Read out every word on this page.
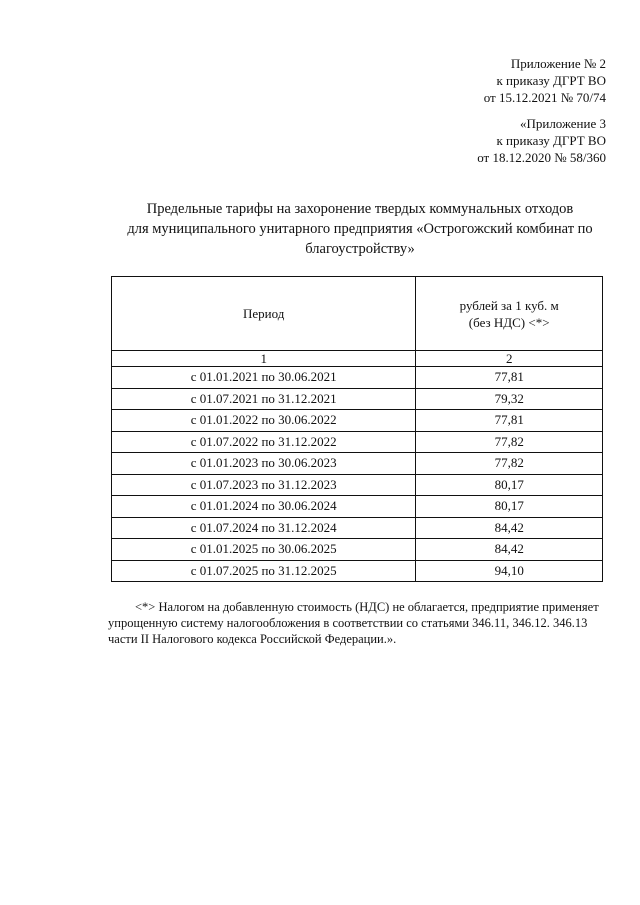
Приложение № 2
к приказу ДГРТ ВО
от 15.12.2021 № 70/74
«Приложение 3
к приказу ДГРТ ВО
от 18.12.2020 № 58/360
Предельные тарифы на захоронение твердых коммунальных отходов
для муниципального унитарного предприятия «Острогожский комбинат по
благоустройству»
Период	рублей за 1 куб. м
(без НДС) <*>

1	2
с 01.01.2021 по 30.06.2021	77,81
с 01.07.2021 по 31.12.2021	79,32
с 01.01.2022 по 30.06.2022	77,81
с 01.07.2022 по 31.12.2022	77,82
с 01.01.2023 по 30.06.2023	77,82
с 01.07.2023 по 31.12.2023	80,17
с 01.01.2024 по 30.06.2024	80,17
с 01.07.2024 по 31.12.2024	84,42
с 01.01.2025 по 30.06.2025	84,42
с 01.07.2025 по 31.12.2025	94,10
<*> Налогом на добавленную стоимость (НДС) не облагается, предприятие применяет
упрощенную систему налогообложения в соответствии со статьями 346.11, 346.12. 346.13
части II Налогового кодекса Российской Федерации.».
